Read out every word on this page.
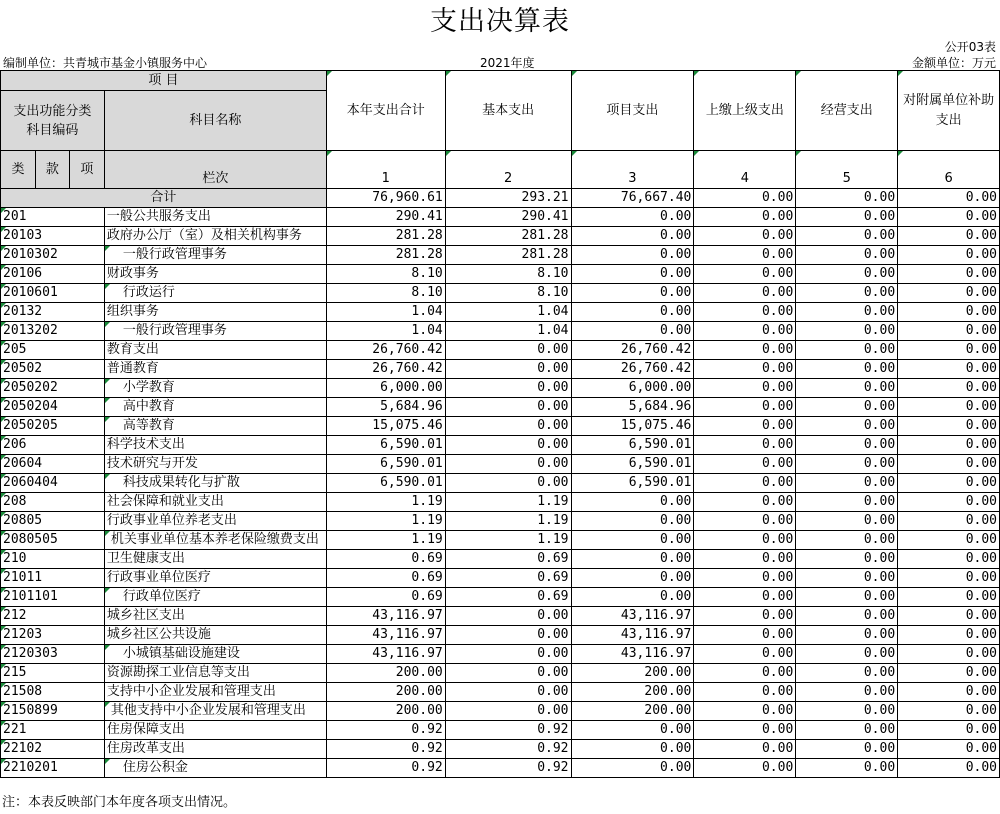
支出决算表
公开03表
编制单位：共青城市基金小镇服务中心	2021年度	金额单位：万元
项 目				本年支出合计	基本支出	项目支出	上缴上级支出	经营支出	对附属单位补助支出
支出功能分类
科目编码			科目名称						

类	款	项	栏次	1	2	3	4	5	6
合计				76,960.61	293.21	76,667.40	0.00	0.00	0.00
201			一般公共服务支出	290.41	290.41	0.00	0.00	0.00	0.00
20103			政府办公厅（室）及相关机构事务	281.28	281.28	0.00	0.00	0.00	0.00
2010302			一般行政管理事务	281.28	281.28	0.00	0.00	0.00	0.00
20106			财政事务	8.10	8.10	0.00	0.00	0.00	0.00
2010601			行政运行	8.10	8.10	0.00	0.00	0.00	0.00
20132			组织事务	1.04	1.04	0.00	0.00	0.00	0.00
2013202			一般行政管理事务	1.04	1.04	0.00	0.00	0.00	0.00
205			教育支出	26,760.42	0.00	26,760.42	0.00	0.00	0.00
20502			普通教育	26,760.42	0.00	26,760.42	0.00	0.00	0.00
2050202			小学教育	6,000.00	0.00	6,000.00	0.00	0.00	0.00
2050204			高中教育	5,684.96	0.00	5,684.96	0.00	0.00	0.00
2050205			高等教育	15,075.46	0.00	15,075.46	0.00	0.00	0.00
206			科学技术支出	6,590.01	0.00	6,590.01	0.00	0.00	0.00
20604			技术研究与开发	6,590.01	0.00	6,590.01	0.00	0.00	0.00
2060404			科技成果转化与扩散	6,590.01	0.00	6,590.01	0.00	0.00	0.00
208			社会保障和就业支出	1.19	1.19	0.00	0.00	0.00	0.00
20805			行政事业单位养老支出	1.19	1.19	0.00	0.00	0.00	0.00
2080505			机关事业单位基本养老保险缴费支出	1.19	1.19	0.00	0.00	0.00	0.00
210			卫生健康支出	0.69	0.69	0.00	0.00	0.00	0.00
21011			行政事业单位医疗	0.69	0.69	0.00	0.00	0.00	0.00
2101101			行政单位医疗	0.69	0.69	0.00	0.00	0.00	0.00
212			城乡社区支出	43,116.97	0.00	43,116.97	0.00	0.00	0.00
21203			城乡社区公共设施	43,116.97	0.00	43,116.97	0.00	0.00	0.00
2120303			小城镇基础设施建设	43,116.97	0.00	43,116.97	0.00	0.00	0.00
215			资源勘探工业信息等支出	200.00	0.00	200.00	0.00	0.00	0.00
21508			支持中小企业发展和管理支出	200.00	0.00	200.00	0.00	0.00	0.00
2150899			其他支持中小企业发展和管理支出	200.00	0.00	200.00	0.00	0.00	0.00
221			住房保障支出	0.92	0.92	0.00	0.00	0.00	0.00
22102			住房改革支出	0.92	0.92	0.00	0.00	0.00	0.00
2210201			住房公积金	0.92	0.92	0.00	0.00	0.00	0.00
注：本表反映部门本年度各项支出情况。
